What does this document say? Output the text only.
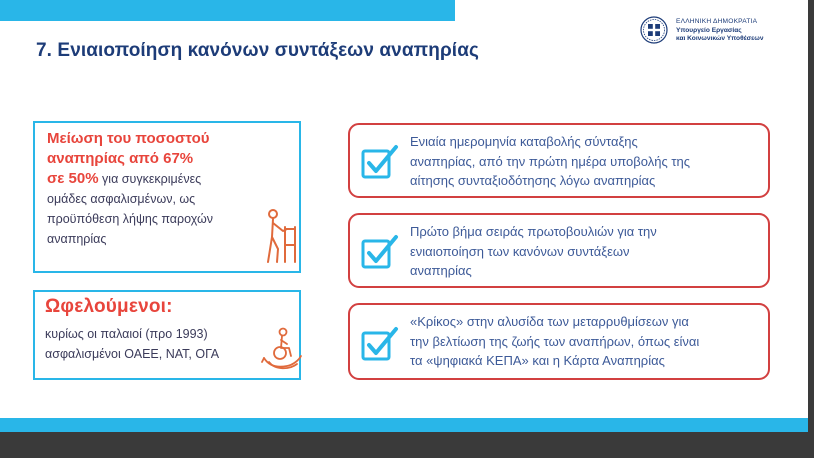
ΕΛΛΗΝΙΚΗ ΔΗΜΟΚΡΑΤΙΑ
Υπουργείο Εργασίας
και Κοινωνικών Υποθέσεων
7. Ενιαιοποίηση κανόνων συντάξεων αναπηρίας
Μείωση του ποσοστού
αναπηρίας από 67%
σε 50% για συγκεκριμένες
ομάδες ασφαλισμένων, ως
προϋπόθεση λήψης παροχών
αναπηρίας
Ωφελούμενοι:
κυρίως οι παλαιοί (προ 1993)
ασφαλισμένοι ΟΑΕΕ, ΝΑΤ, ΟΓΑ
Ενιαία ημερομηνία καταβολής σύνταξης
αναπηρίας, από την πρώτη ημέρα υποβολής της
αίτησης συνταξιοδότησης λόγω αναπηρίας
Πρώτο βήμα σειράς πρωτοβουλιών για την
ενιαιοποίηση των κανόνων συντάξεων
αναπηρίας
«Κρίκος» στην αλυσίδα των μεταρρυθμίσεων για
την βελτίωση της ζωής των αναπήρων, όπως είναι
τα «ψηφιακά ΚΕΠΑ» και η Κάρτα Αναπηρίας
